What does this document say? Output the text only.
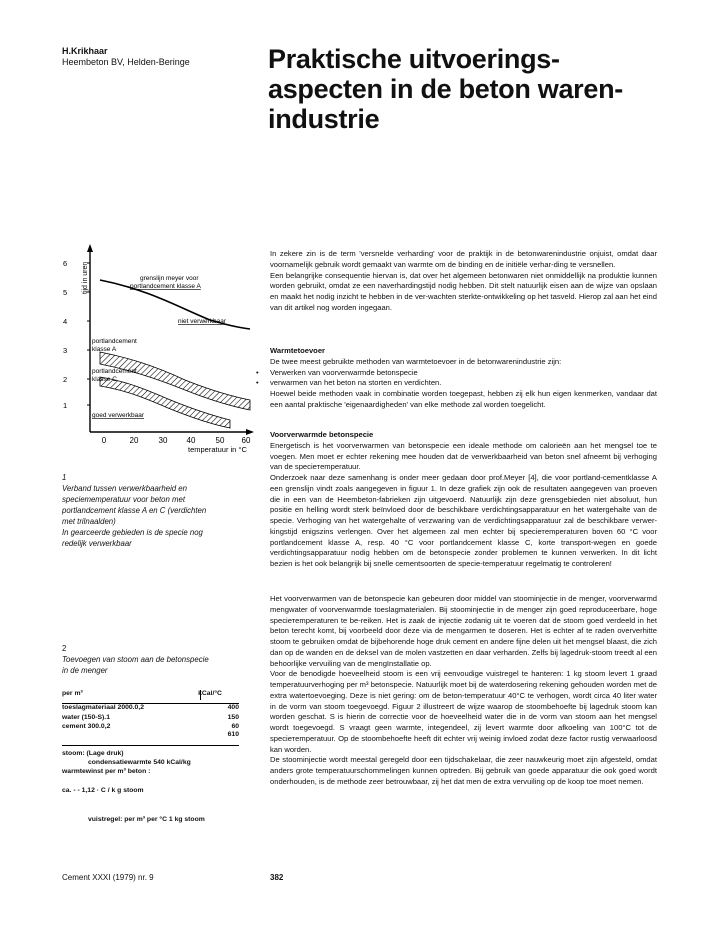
H.Krikhaar
Heembeton BV, Helden-Beringe	Praktische uitvoerings-
aspecten in de beton waren-
industrie
tijd in uren
6
5
4
3
2
1
0	20	30 40	50 60
temperatuur in °C
grenslijn meyer voor
portlandcement klasse A
niet verwerkbaar
portlandcement
klasse A
portlandcement
klasse C
goed verwerkbaar
1
Verband tussen verwerkbaarheid en
speciетemperatuur voor beton met
portlandcement klasse A en C (verdichten
met trilnaalden)
In gearceerde gebieden is de specie nog
redelijk verwerkbaar
2
Toevoegen van stoom aan de betonspecie
in de menger
per m³	kCal/°C

toeslagmateriaal 2000.0,2	400

water (150-S).1	150
cement 300.0,2	60
	610
stoom: (Lage druk)
condensatiewarmte 540 kCal/kg
warmtewinst per m³ beton :
ca. - - 1,12 · C / k g stoom
vuistregel: per m³ per °C 1 kg stoom

In zekere zin is de term 'versnelde verharding' voor de praktijk in de betonwarenindustrie onjuist, omdat daar voornamelijk gebruik wordt gemaakt van warmte om de binding en de initiële verhar-ding te versnellen.

Een belangrijke consequentie hiervan is, dat over het algemeen betonwaren niet onmiddellijk na produktie kunnen worden gebruikt, omdat ze een naverhardingstijd nodig hebben. Dit stelt natuurlijk eisen aan de wijze van opslaan en maakt het nodig inzicht te hebben in de ver-wachten sterkte-ontwikkeling op het tasveld. Hierop zal aan het eind van dit artikel nog worden ingegaan.

Warmtetoevoer

De twee meest gebruikte methoden van warmtetoevoer in de betonwarenindustrie zijn:

• Verwerken van voorverwarmde betonspecie
• verwarmen van het beton na storten en verdichten.

Hoewel beide methoden vaak in combinatie worden toegepast, hebben zij elk hun eigen kenmerken, vandaar dat een aantal praktische 'eigenaardigheden' van elke methode zal worden toegelicht.

Voorverwarmde betonspecie

Energetisch is het voorverwarmen van betonspecie een ideale methode om calorieën aan het mengsel toe te voegen. Men moet er echter rekening mee houden dat de verwerkbaarheid van beton snel afneemt bij verhoging van de speciетemperatuur.

Onderzoek naar deze samenhang is onder meer gedaan door prof.Meyer [4], die voor portland-cementklasse A een grenslijn vindt zoals aangegeven in figuur 1. In deze grafiek zijn ook de resultaten aangegeven van proeven die in een van de Heembeton-fabrieken zijn uitgevoerd. Natuurlijk zijn deze grensgebieden niet absoluut, hun positie en helling wordt sterk beïnvloed door de beschikbare verdichtingsapparatuur en het watergehalte van de specie. Verhoging van het watergehalte of verzwaring van de verdichtingsapparatuur zal de beschikbare verwer-kingstijd enigszins verlengen. Over het algemeen zal men echter bij speciетemperaturen boven 60 °C voor portlandcement klasse A, resp. 40 °C voor portlandcement klasse C, korte transport-wegen en goede verdichtingsapparatuur nodig hebben om de betonspecie zonder problemen te kunnen verwerken. In dit licht bezien is het ook belangrijk bij snelle cementsoorten de specie-temperatuur regelmatig te controleren!

Het voorverwarmen van de betonspecie kan gebeuren door middel van stoominjectie in de menger, voorverwarmd mengwater of voorverwarmde toeslagmaterialen. Bij stoominjectie in de menger zijn goed reproduceerbare, hoge speciетemperaturen te be-reiken. Het is zaak de injectie zodanig uit te voeren dat de stoom goed verdeeld in het beton terecht komt, bij voorbeeld door deze via de mengarmen te doseren. Het is echter af te raden oververhitte stoom te gebruiken omdat de bijbehorende hoge druk cement en andere fijne delen uit het mengsel blaast, die zich dan op de wanden en de deksel van de molen vastzetten en daar verharden. Zelfs bij lagedruk-stoom treedt al een behoorlijke vervuiling van de mengInstallatie op.

Voor de benodigde hoeveelheid stoom is een vrij eenvoudige vuistregel te hanteren: 1 kg stoom levert 1 graad temperatuurverhoging per m³ betonspecie. Natuurlijk moet bij de waterdosering rekening gehouden worden met de extra watertoevoeging. Deze is niet gering: om de beton-temperatuur 40°C te verhogen, wordt circa 40 liter water in de vorm van stoom toegevoegd. Figuur 2 illustreert de wijze waarop de stoombehoefte bij lagedruk stoom kan worden geschat. S is hierin de correctie voor de hoeveelheid water die in de vorm van stoom aan het mengsel wordt toegevoegd. S vraagt geen warmte, integendeel, zij levert warmte door afkoeling van 100°C tot de speciетemperatuur. Op de stoombehoefte heeft dit echter vrij weinig invloed zodat deze factor rustig verwaarloosd kan worden.

De stoominjectie wordt meestal geregeld door een tijdschakelaar, die zeer nauwkeurig moet zijn afgesteld, omdat anders grote temperatuurschommelingen kunnen optreden. Bij gebruik van goede apparatuur die ook goed wordt onderhouden, is de methode zeer betrouwbaar, zij het dat men de extra vervuiling op de koop toe moet nemen.

Cement XXXI (1979) nr. 9	382
